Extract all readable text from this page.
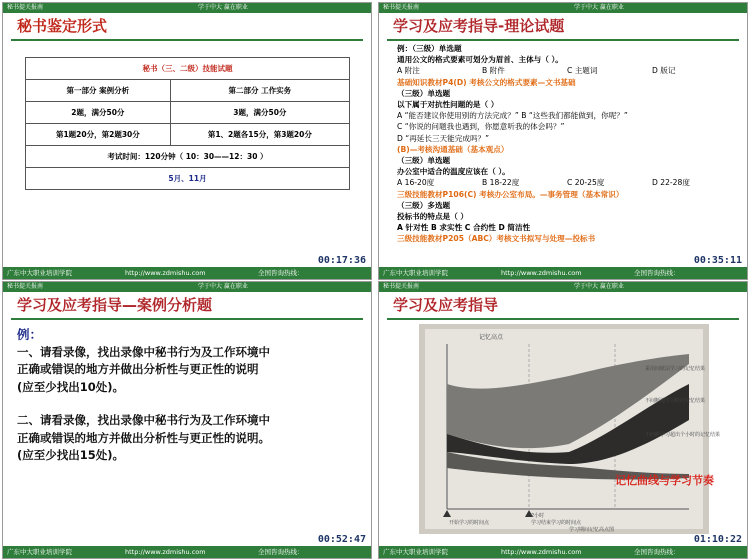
秘书提关报南	学于中大 赢在职业
秘书鉴定形式
秘书（三、二级）技能试题	
第一部分 案例分析	第二部分 工作实务
2题，满分50分	3题，满分50分
第1题20分，第2题30分	第1、2题各15分，第3题20分
考试时间：120分钟（ 10：30——12：30 ）	
5月、11月	
00:17:36
广东中大职业培训学院	http://www.zdmishu.com	全国咨询热线：
秘书提关报南	学于中大 赢在职业
学习及应考指导-理论试题
例：（三级）单选题
通用公文的格式要素可划分为眉首、主体与（ ）。
A 附注	B 附件	C 主题词	D 版记
基础知识教材P4(D) 考核公文的格式要素—文书基础
（三级）单选题
以下属于对抗性问题的是（ ）
A “能否建议你使用别的方法完成？” B “这些我们都能做到，你呢？”
C “你说的问题我也遇到，你愿意听我的体会吗？”
D “再延长三天能完成吗？”
(B)—考核沟通基础（基本观点）
（三级）单选题
办公室中适合的温度应该在（ ）。
A 16-20度	B 18-22度	C 20-25度	D 22-28度
三级技能教材P106(C) 考核办公室布局。—事务管理（基本常识）
（三级）多选题
投标书的特点是（ ）
A 针对性 B 求实性 C 合约性 D 简洁性
三级技能教材P205（ABC）考核文书拟写与处理—投标书
00:35:11
广东中大职业培训学院	http://www.zdmishu.com	全国咨询热线：
秘书提关报南	学于中大 赢在职业
学习及应考指导—案例分析题
例：
一、请看录像，找出录像中秘书行为及工作环境中
正确或错误的地方并做出分析性与更正性的说明
(应至少找出10处)。
二、请看录像，找出录像中秘书行为及工作环境中
正确或错误的地方并做出分析性与更正性的说明。
(应至少找出15处)。
00:52:47
广东中大职业培训学院	http://www.zdmishu.com	全国咨询热线：
秘书提关报南	学于中大 赢在职业
学习及应考指导
记忆高点
采用间歇法学习的记忆结果
不间断地学习时的记忆结果
不间断学习超出个小时的记忆结果
开始学习的时间点
2小时
学习结束学习的时间点
学习期间记忆高点图
记忆曲线与学习节奏
01:10:22
广东中大职业培训学院	http://www.zdmishu.com	全国咨询热线：
